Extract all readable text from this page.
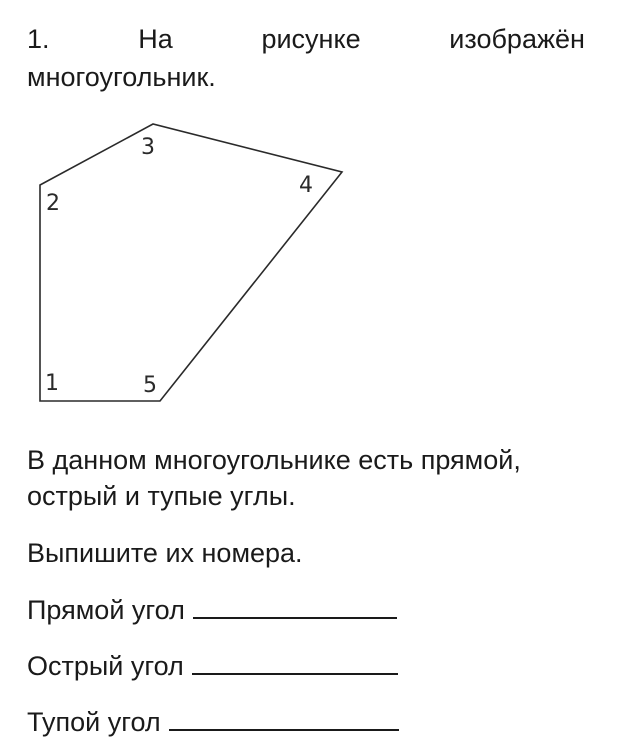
1.	На	рисунке	изображён
многоугольник.
1
2
3
4
5
В данном многоугольнике есть прямой,
острый и тупые углы.
Выпишите их номера.
Прямой угол
Острый угол
Тупой угол
